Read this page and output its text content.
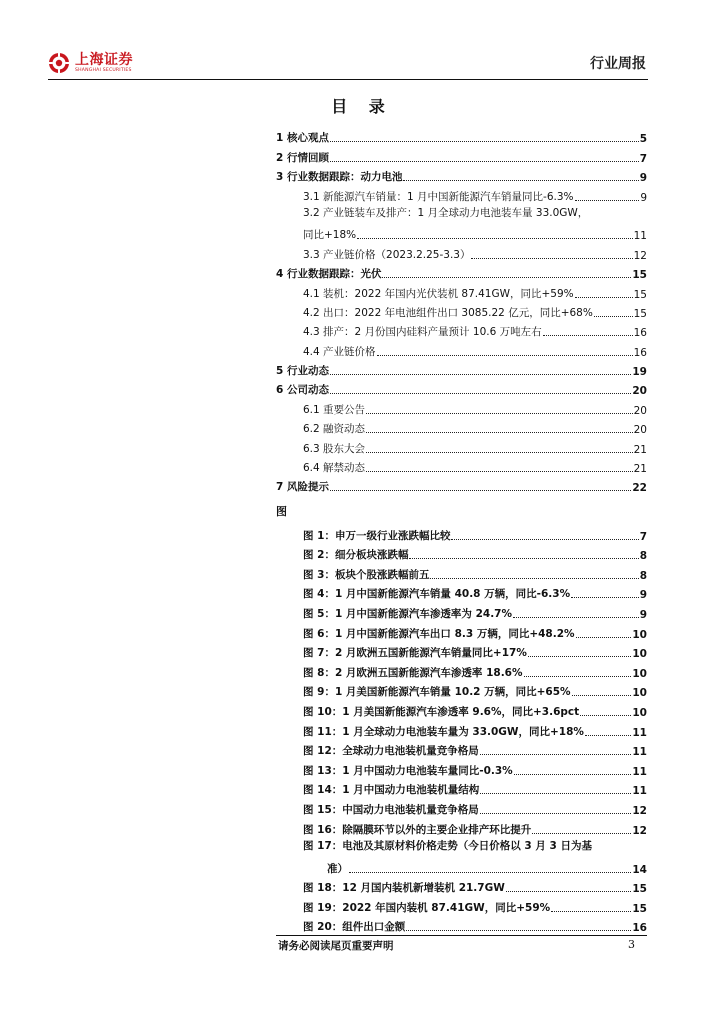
上海证券
SHANGHAI SECURITIES	行业周报
目 录
1 核心观点	5
2 行情回顾	7
3 行业数据跟踪：动力电池	9
3.1 新能源汽车销量：1 月中国新能源汽车销量同比-6.3%	9
3.2 产业链装车及排产：1 月全球动力电池装车量 33.0GW，
同比+18%	11
3.3 产业链价格（2023.2.25-3.3）	12
4 行业数据跟踪：光伏	15
4.1 装机：2022 年国内光伏装机 87.41GW，同比+59%	15
4.2 出口：2022 年电池组件出口 3085.22 亿元，同比+68%	15
4.3 排产：2 月份国内硅料产量预计 10.6 万吨左右	16
4.4 产业链价格	16
5 行业动态	19
6 公司动态	20
6.1 重要公告	20
6.2 融资动态	20
6.3 股东大会	21
6.4 解禁动态	21
7 风险提示	22
图
图 1：申万一级行业涨跌幅比较	7
图 2：细分板块涨跌幅	8
图 3：板块个股涨跌幅前五	8
图 4：1 月中国新能源汽车销量 40.8 万辆，同比-6.3%	9
图 5：1 月中国新能源汽车渗透率为 24.7%	9
图 6：1 月中国新能源汽车出口 8.3 万辆，同比+48.2%	10
图 7：2 月欧洲五国新能源汽车销量同比+17%	10
图 8：2 月欧洲五国新能源汽车渗透率 18.6%	10
图 9：1 月美国新能源汽车销量 10.2 万辆，同比+65%	10
图 10：1 月美国新能源汽车渗透率 9.6%，同比+3.6pct	10
图 11：1 月全球动力电池装车量为 33.0GW，同比+18%	11
图 12：全球动力电池装机量竞争格局	11
图 13：1 月中国动力电池装车量同比-0.3%	11
图 14：1 月中国动力电池装机量结构	11
图 15：中国动力电池装机量竞争格局	12
图 16：除隔膜环节以外的主要企业排产环比提升	12
图 17：电池及其原材料价格走势（今日价格以 3 月 3 日为基
准）	14
图 18：12 月国内装机新增装机 21.7GW	15
图 19：2022 年国内装机 87.41GW，同比+59%	15
图 20：组件出口金额	16
请务必阅读尾页重要声明	3
